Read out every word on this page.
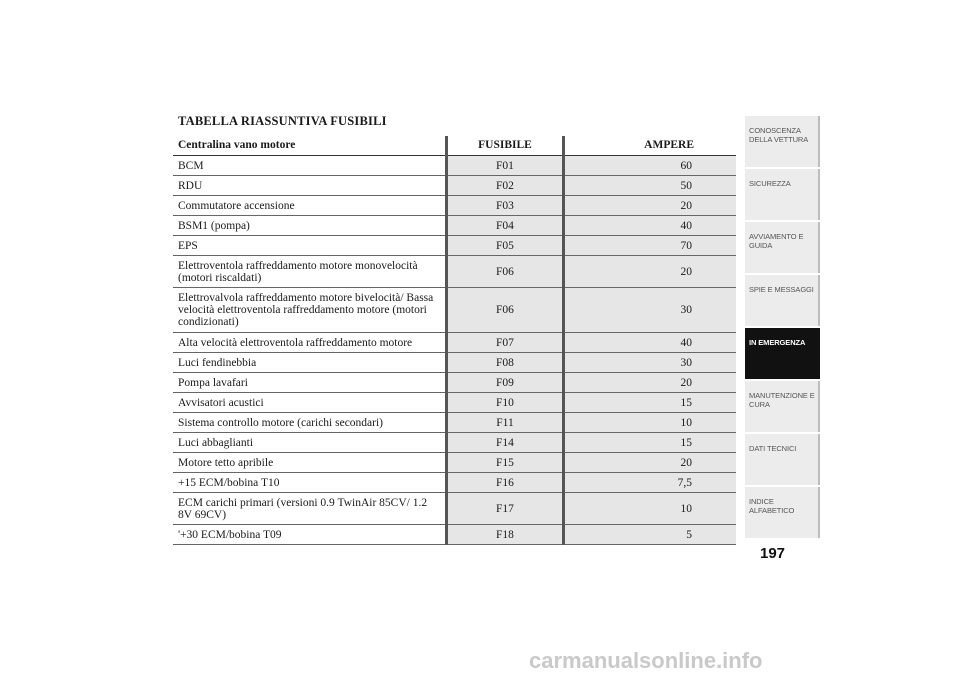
TABELLA RIASSUNTIVA FUSIBILI
Centralina vano motore	FUSIBILE	AMPERE
BCM	F01	60
RDU	F02	50
Commutatore accensione	F03	20
BSM1 (pompa)	F04	40
EPS	F05	70
Elettroventola raffreddamento motore monovelocità (motori riscaldati)	F06	20
Elettrovalvola raffreddamento motore bivelocità/ Bassa velocità elettroventola raffreddamento motore (motori condizionati)	F06	30
Alta velocità elettroventola raffreddamento motore	F07	40
Luci fendinebbia	F08	30
Pompa lavafari	F09	20
Avvisatori acustici	F10	15
Sistema controllo motore (carichi secondari)	F11	10
Luci abbaglianti	F14	15
Motore tetto apribile	F15	20
+15 ECM/bobina T10	F16	7,5
ECM carichi primari (versioni 0.9 TwinAir 85CV/ 1.2 8V 69CV)	F17	10
'+30 ECM/bobina T09	F18	5
CONOSCENZA DELLA VETTURA
SICUREZZA
AVVIAMENTO E GUIDA
SPIE E MESSAGGI
IN EMERGENZA
MANUTENZIONE E CURA
DATI TECNICI
INDICE ALFABETICO
197
carmanualsonline.info
